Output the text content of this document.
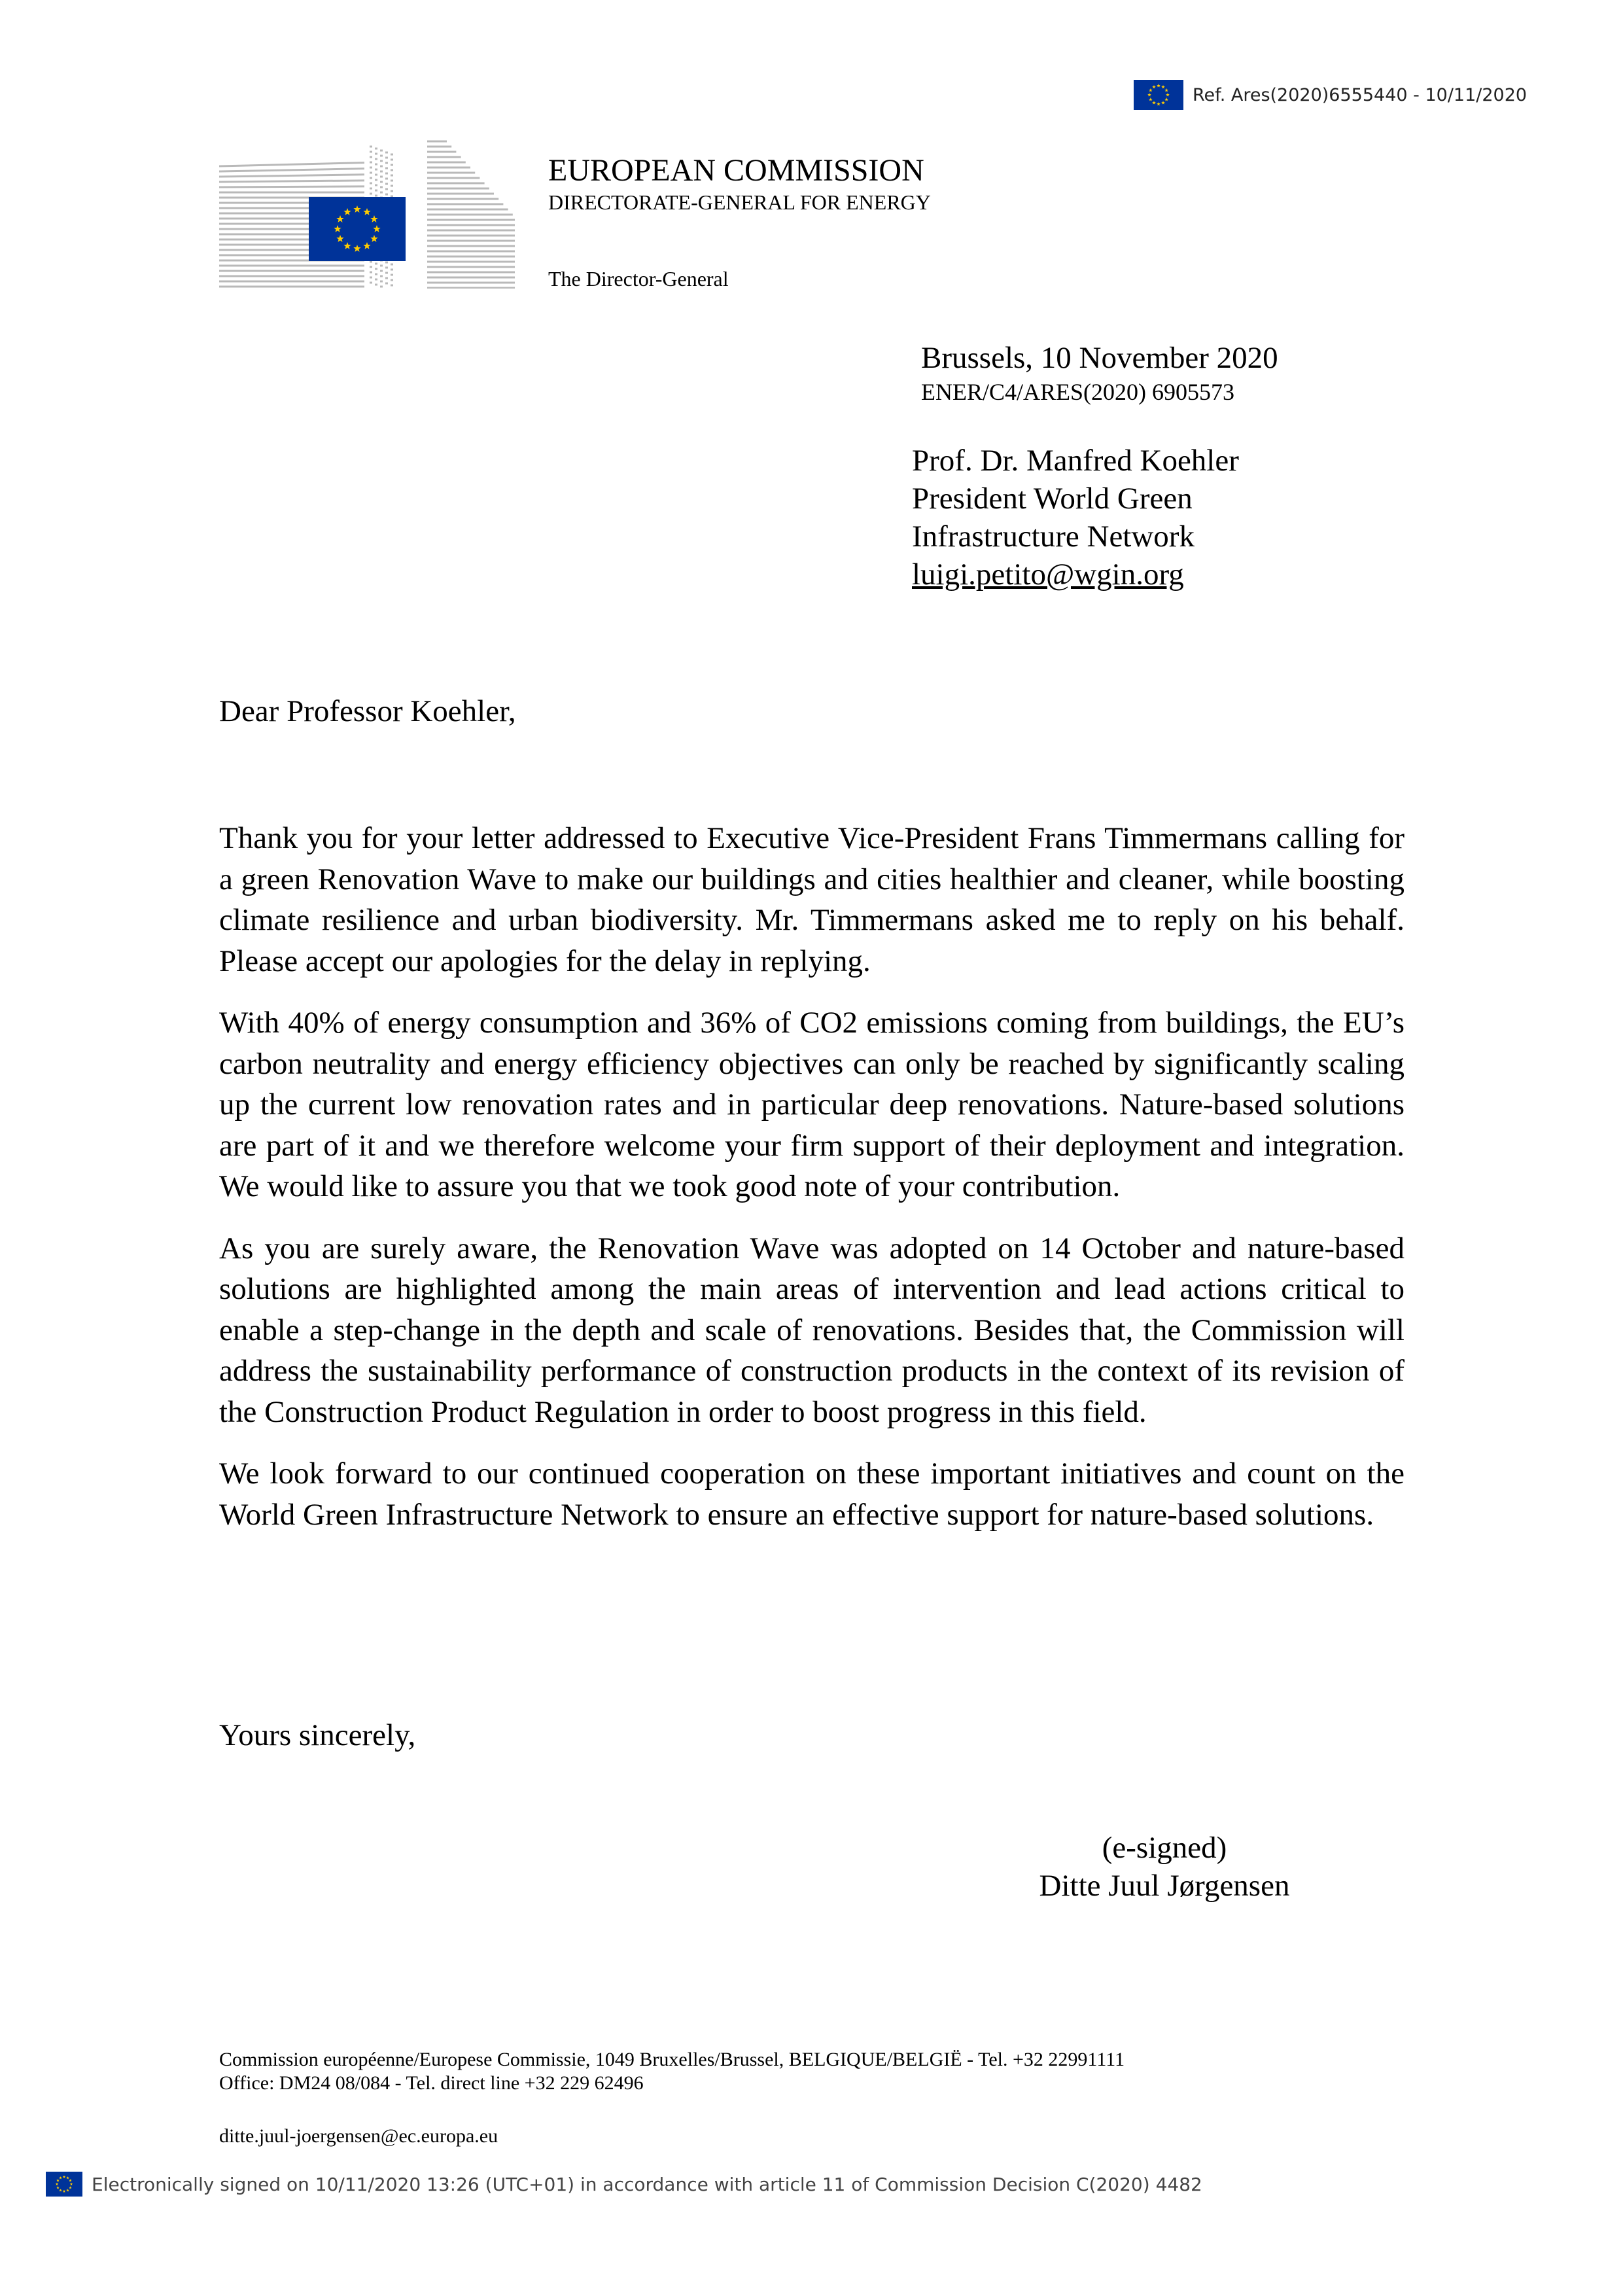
Ref. Ares(2020)6555440 - 10/11/2020
EUROPEAN COMMISSION
DIRECTORATE-GENERAL FOR ENERGY
The Director-General
Brussels, 10 November 2020
ENER/C4/ARES(2020) 6905573
Prof. Dr. Manfred Koehler
President World Green
Infrastructure Network
luigi.petito@wgin.org
Dear Professor Koehler,

Thank you for your letter addressed to Executive Vice-President Frans Timmermans calling for a green Renovation Wave to make our buildings and cities healthier and cleaner, while boosting climate resilience and urban biodiversity. Mr. Timmermans asked me to reply on his behalf. Please accept our apologies for the delay in replying.

With 40% of energy consumption and 36% of CO2 emissions coming from buildings, the EU’s carbon neutrality and energy efficiency objectives can only be reached by significantly scaling up the current low renovation rates and in particular deep renovations. Nature-based solutions are part of it and we therefore welcome your firm support of their deployment and integration. We would like to assure you that we took good note of your contribution.

As you are surely aware, the Renovation Wave was adopted on 14 October and nature-based solutions are highlighted among the main areas of intervention and lead actions critical to enable a step-change in the depth and scale of renovations. Besides that, the Commission will address the sustainability performance of construction products in the context of its revision of the Construction Product Regulation in order to boost progress in this field.

We look forward to our continued cooperation on these important initiatives and count on the World Green Infrastructure Network to ensure an effective support for nature-based solutions.

Yours sincerely,
(e-signed)
Ditte Juul Jørgensen
Commission européenne/Europese Commissie, 1049 Bruxelles/Brussel, BELGIQUE/BELGIË - Tel. +32 22991111
Office: DM24 08/084 - Tel. direct line +32 229 62496
ditte.juul-joergensen@ec.europa.eu
Electronically signed on 10/11/2020 13:26 (UTC+01) in accordance with article 11 of Commission Decision C(2020) 4482
